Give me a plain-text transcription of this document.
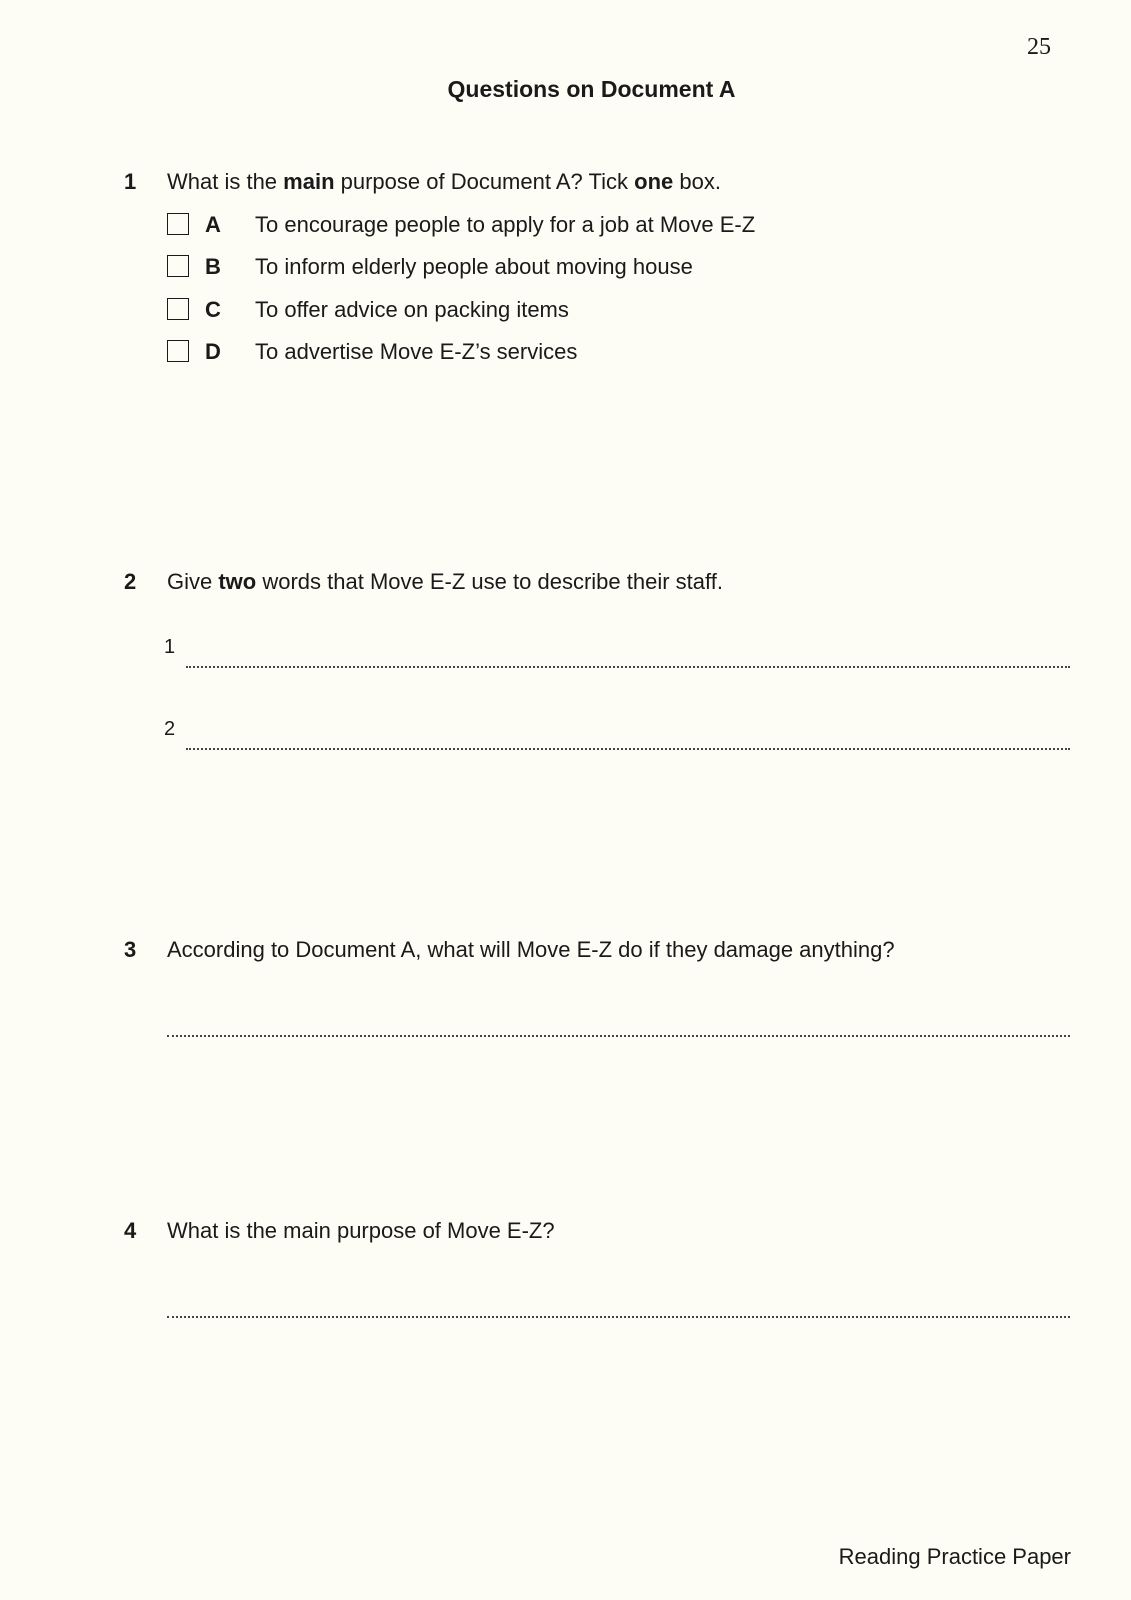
25
Questions on Document A
1 What is the main purpose of Document A? Tick one box.
A To encourage people to apply for a job at Move E-Z
B To inform elderly people about moving house
C To offer advice on packing items
D To advertise Move E-Z’s services
2 Give two words that Move E-Z use to describe their staff.
1
2
3 According to Document A, what will Move E-Z do if they damage anything?
4 What is the main purpose of Move E-Z?
Reading Practice Paper
